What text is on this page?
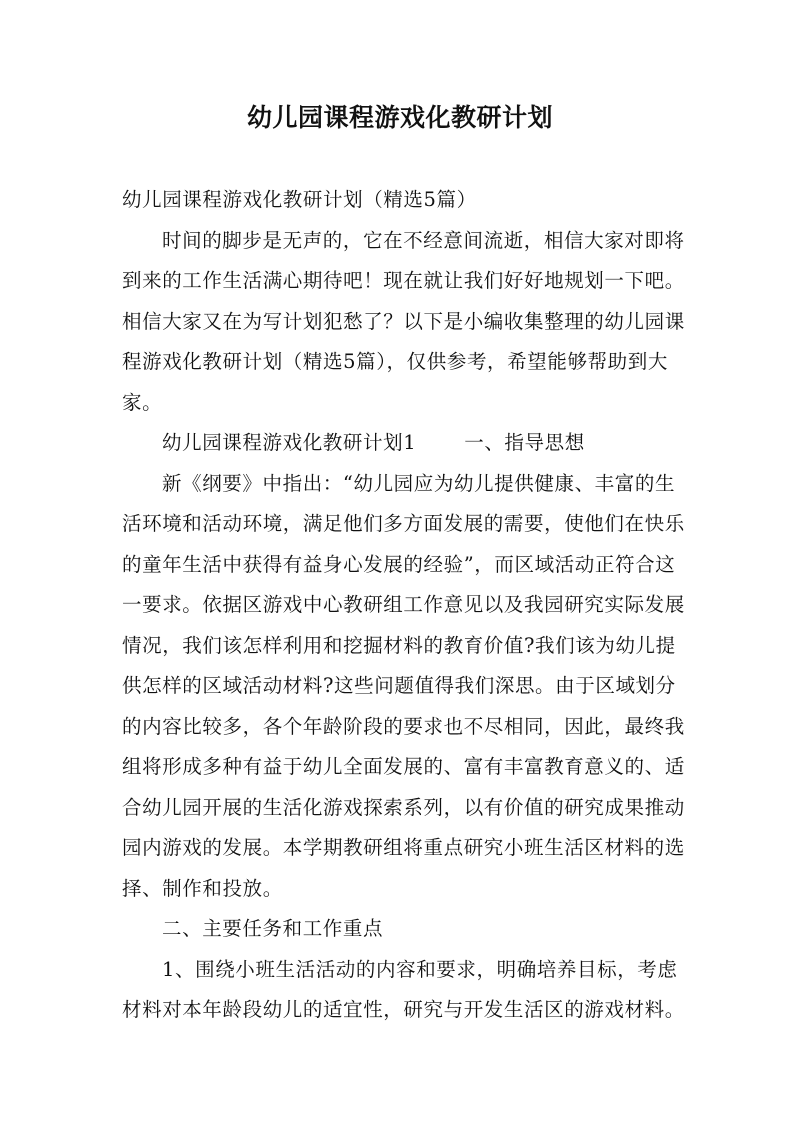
幼儿园课程游戏化教研计划

幼儿园课程游戏化教研计划（精选5篇）

时间的脚步是无声的，它在不经意间流逝，相信大家对即将到来的工作生活满心期待吧！现在就让我们好好地规划一下吧。相信大家又在为写计划犯愁了？以下是小编收集整理的幼儿园课程游戏化教研计划（精选5篇），仅供参考，希望能够帮助到大家。

幼儿园课程游戏化教研计划1 一、指导思想

新《纲要》中指出：“幼儿园应为幼儿提供健康、丰富的生活环境和活动环境，满足他们多方面发展的需要，使他们在快乐的童年生活中获得有益身心发展的经验”，而区域活动正符合这一要求。依据区游戏中心教研组工作意见以及我园研究实际发展情况，我们该怎样利用和挖掘材料的教育价值?我们该为幼儿提供怎样的区域活动材料?这些问题值得我们深思。由于区域划分的内容比较多，各个年龄阶段的要求也不尽相同，因此，最终我组将形成多种有益于幼儿全面发展的、富有丰富教育意义的、适合幼儿园开展的生活化游戏探索系列，以有价值的研究成果推动园内游戏的发展。本学期教研组将重点研究小班生活区材料的选择、制作和投放。

二、主要任务和工作重点

1、围绕小班生活活动的内容和要求，明确培养目标，考虑材料对本年龄段幼儿的适宜性，研究与开发生活区的游戏材料。
